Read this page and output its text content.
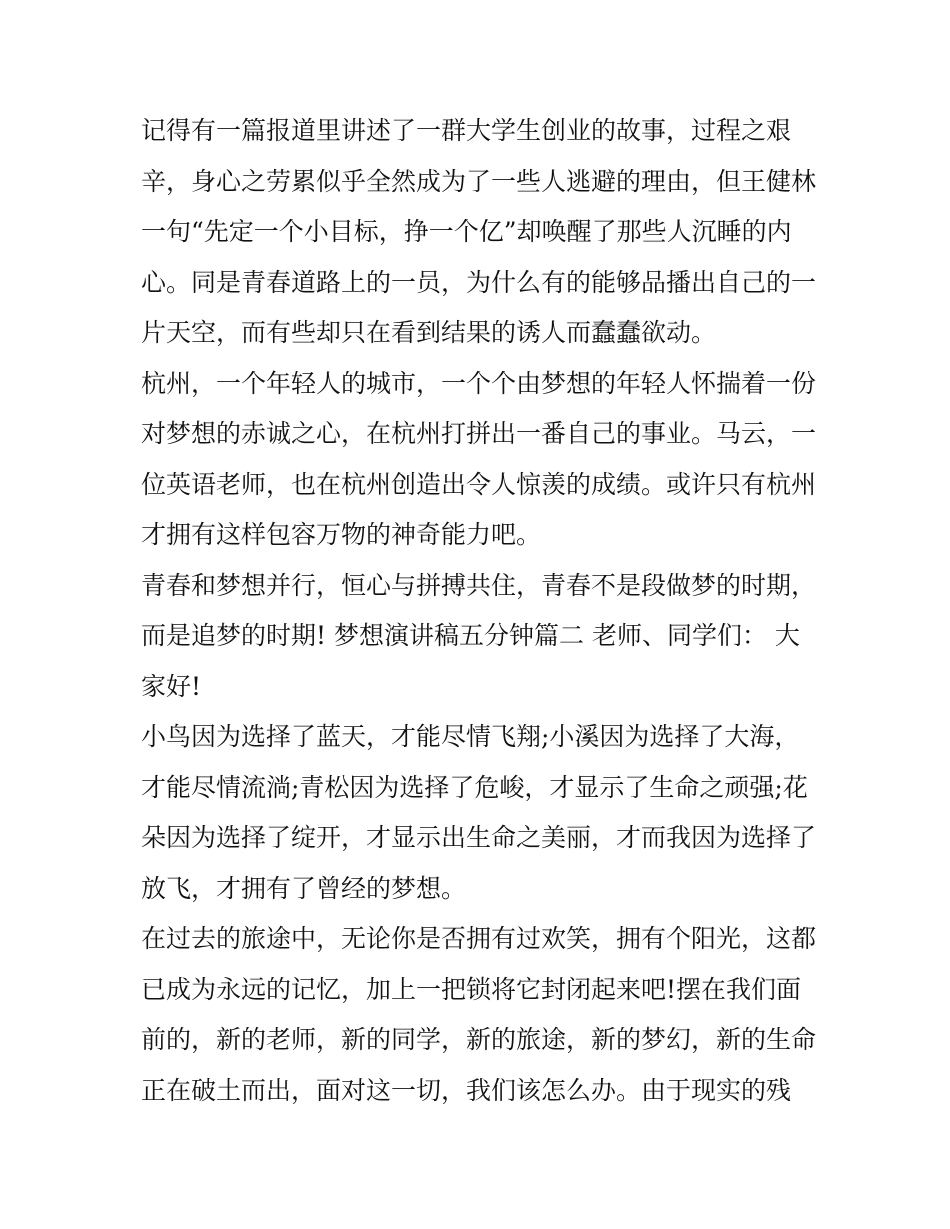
记得有一篇报道里讲述了一群大学生创业的故事，过程之艰
辛，身心之劳累似乎全然成为了一些人逃避的理由，但王健林
一句“先定一个小目标，挣一个亿”却唤醒了那些人沉睡的内
心。同是青春道路上的一员，为什么有的能够品播出自己的一
片天空，而有些却只在看到结果的诱人而蠢蠢欲动。
杭州，一个年轻人的城市，一个个由梦想的年轻人怀揣着一份
对梦想的赤诚之心，在杭州打拼出一番自己的事业。马云，一
位英语老师，也在杭州创造出令人惊羡的成绩。或许只有杭州
才拥有这样包容万物的神奇能力吧。
青春和梦想并行，恒心与拼搏共住，青春不是段做梦的时期，
而是追梦的时期! 梦想演讲稿五分钟篇二 老师、同学们： 大
家好!
小鸟因为选择了蓝天，才能尽情飞翔;小溪因为选择了大海，
才能尽情流淌;青松因为选择了危峻，才显示了生命之顽强;花
朵因为选择了绽开，才显示出生命之美丽，才而我因为选择了
放飞，才拥有了曾经的梦想。
在过去的旅途中，无论你是否拥有过欢笑，拥有个阳光，这都
已成为永远的记忆，加上一把锁将它封闭起来吧!摆在我们面
前的，新的老师，新的同学，新的旅途，新的梦幻，新的生命
正在破土而出，面对这一切，我们该怎么办。由于现实的残
